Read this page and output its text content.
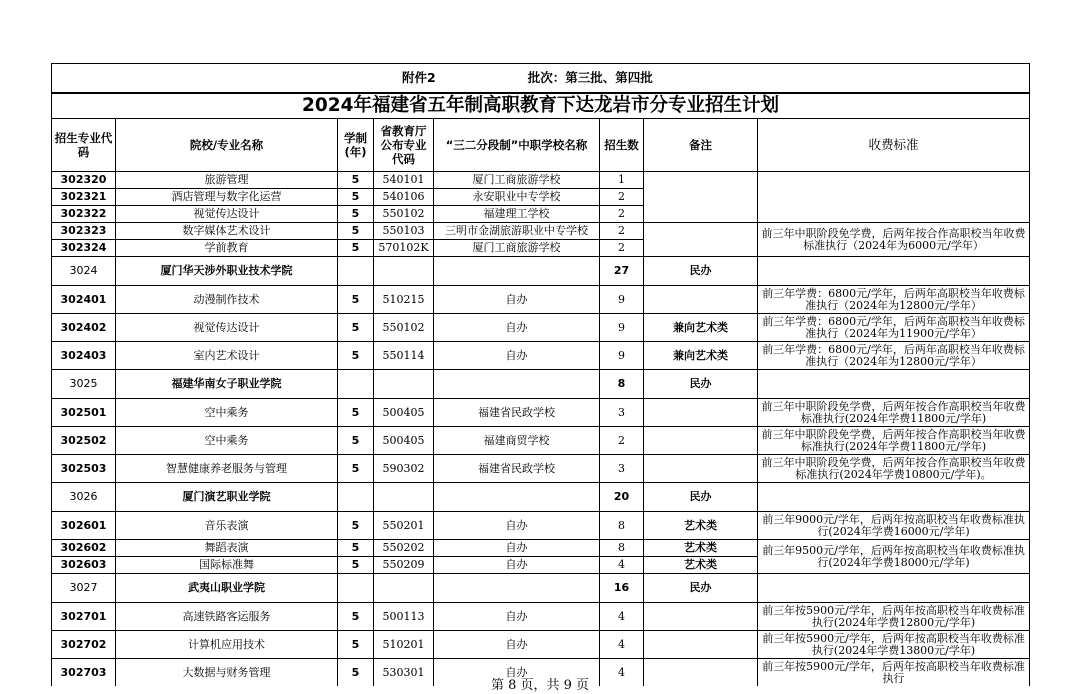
附件2 批次：第三批、第四批							
2024年福建省五年制高职教育下达龙岩市分专业招生计划							
招生专业代码	院校/专业名称	学制(年)	省教育厅公布专业代码	“三二分段制”中职学校名称	招生数	备注	收费标准
302320	旅游管理	5	540101	厦门工商旅游学校	1		
302321	酒店管理与数字化运营	5	540106	永安职业中专学校	2		
302322	视觉传达设计	5	550102	福建理工学校	2		
302323	数字媒体艺术设计	5	550103	三明市金湖旅游职业中专学校	2		前三年中职阶段免学费，后两年按合作高职校当年收费标准执行（2024年为6000元/学年）
302324	学前教育	5	570102K	厦门工商旅游学校	2		
3024	厦门华天涉外职业技术学院				27	民办	
302401	动漫制作技术	5	510215	自办	9		前三年学费：6800元/学年，后两年高职校当年收费标准执行（2024年为12800元/学年）
302402	视觉传达设计	5	550102	自办	9	兼向艺术类	前三年学费：6800元/学年，后两年高职校当年收费标准执行（2024年为11900元/学年）
302403	室内艺术设计	5	550114	自办	9	兼向艺术类	前三年学费：6800元/学年，后两年高职校当年收费标准执行（2024年为12800元/学年）
3025	福建华南女子职业学院				8	民办	
302501	空中乘务	5	500405	福建省民政学校	3		前三年中职阶段免学费，后两年按合作高职校当年收费标准执行(2024年学费11800元/学年)
302502	空中乘务	5	500405	福建商贸学校	2		前三年中职阶段免学费，后两年按合作高职校当年收费标准执行(2024年学费11800元/学年)
302503	智慧健康养老服务与管理	5	590302	福建省民政学校	3		前三年中职阶段免学费，后两年按合作高职校当年收费标准执行(2024年学费10800元/学年)。
3026	厦门演艺职业学院				20	民办	
302601	音乐表演	5	550201	自办	8	艺术类	前三年9000元/学年，后两年按高职校当年收费标准执行(2024年学费16000元/学年)
302602	舞蹈表演	5	550202	自办	8	艺术类	前三年9500元/学年，后两年按高职校当年收费标准执行(2024年学费18000元/学年)
302603	国际标准舞	5	550209	自办	4	艺术类	
3027	武夷山职业学院				16	民办	
302701	高速铁路客运服务	5	500113	自办	4		前三年按5900元/学年，后两年按高职校当年收费标准执行(2024年学费12800元/学年)
302702	计算机应用技术	5	510201	自办	4		前三年按5900元/学年，后两年按高职校当年收费标准执行(2024年学费13800元/学年)
302703	大数据与财务管理	5	530301	自办	4		前三年按5900元/学年，后两年按高职校当年收费标准执行
第 8 页，共 9 页
